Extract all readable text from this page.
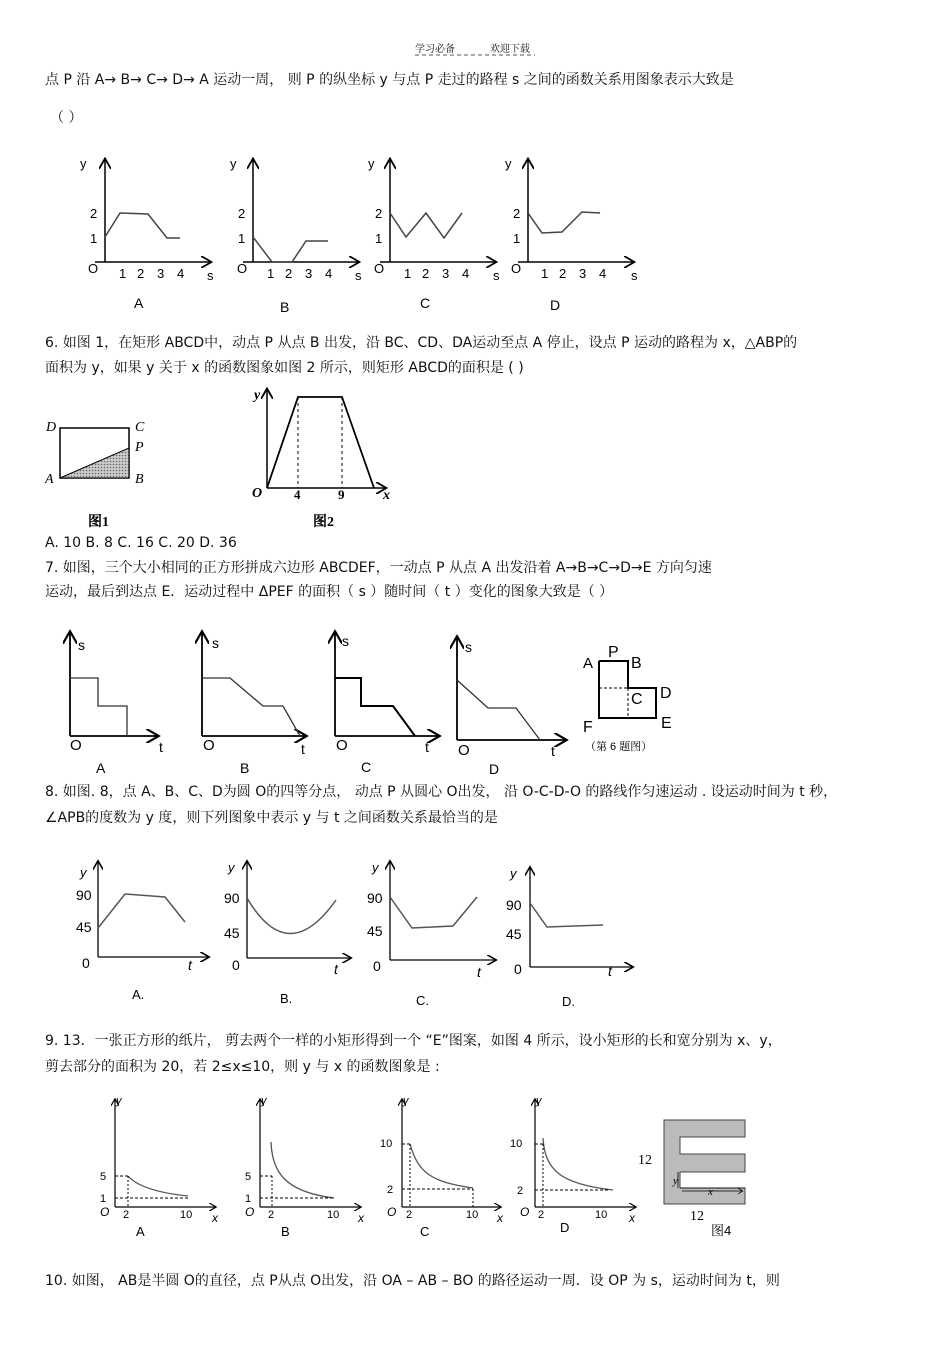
学习必备	欢迎下载
点 P 沿 A→ B→ C→ D→ A 运动一周， 则 P 的纵坐标 y 与点 P 走过的路程 s 之间的函数关系用图象表示大致是
（ ）
y
2
1
O 1 2 3 4 s
A
y
2
1
O 1 2 3 4 s
B
y
2
1
O 1 2 3 4 s
C
y
2
1
O 1 2 3 4 s
D
6. 如图 1，在矩形 ABCD中，动点 P 从点 B 出发，沿 BC、CD、DA运动至点 A 停止，设点 P 运动的路程为 x，△ABP的
面积为 y，如果 y 关于 x 的函数图象如图 2 所示，则矩形 ABCD的面积是 ( )
D	C
P
A	B
图1
y
x
O 4	9
图2
A. 10 B. 8 C. 16 C. 20 D. 36
7. 如图，三个大小相同的正方形拼成六边形 ABCDEF，一动点 P 从点 A 出发沿着 A→B→C→D→E 方向匀速
运动，最后到达点 E．运动过程中 ΔPEF 的面积（ s ）随时间（ t ）变化的图象大致是（ ）
s
O	t
A
s
O	t
B
s
O	t
C
s
O	t
D
A
P
B
C D
E
F
（第 6 题图）
8. 如图. 8，点 A、B、C、D为圆 O的四等分点， 动点 P 从圆心 O出发， 沿 O-C-D-O 的路线作匀速运动 . 设运动时间为 t 秒，
∠APB的度数为 y 度，则下列图象中表示 y 与 t 之间函数关系最恰当的是
y
90
45
0	t
A.
y
90
45
0	t
B.
y
90
45
0	t
C.
y
90
45
0	t
D.
9. 13．一张正方形的纸片， 剪去两个一样的小矩形得到一个 “E”图案，如图 4 所示，设小矩形的长和宽分别为 x、y，
剪去部分的面积为 20，若 2≤x≤10，则 y 与 x 的函数图象是 :
y
5
1
O 2	10 x
A
y
5
1
O 2	10 x
B
y
10
2
O 2	10 x
C
y
10
2
O 2	10 x
D
12
12
y
x
图4
10. 如图， AB是半圆 O的直径，点 P从点 O出发，沿 OA – AB – BO 的路径运动一周．设 OP 为 s，运动时间为 t，则
